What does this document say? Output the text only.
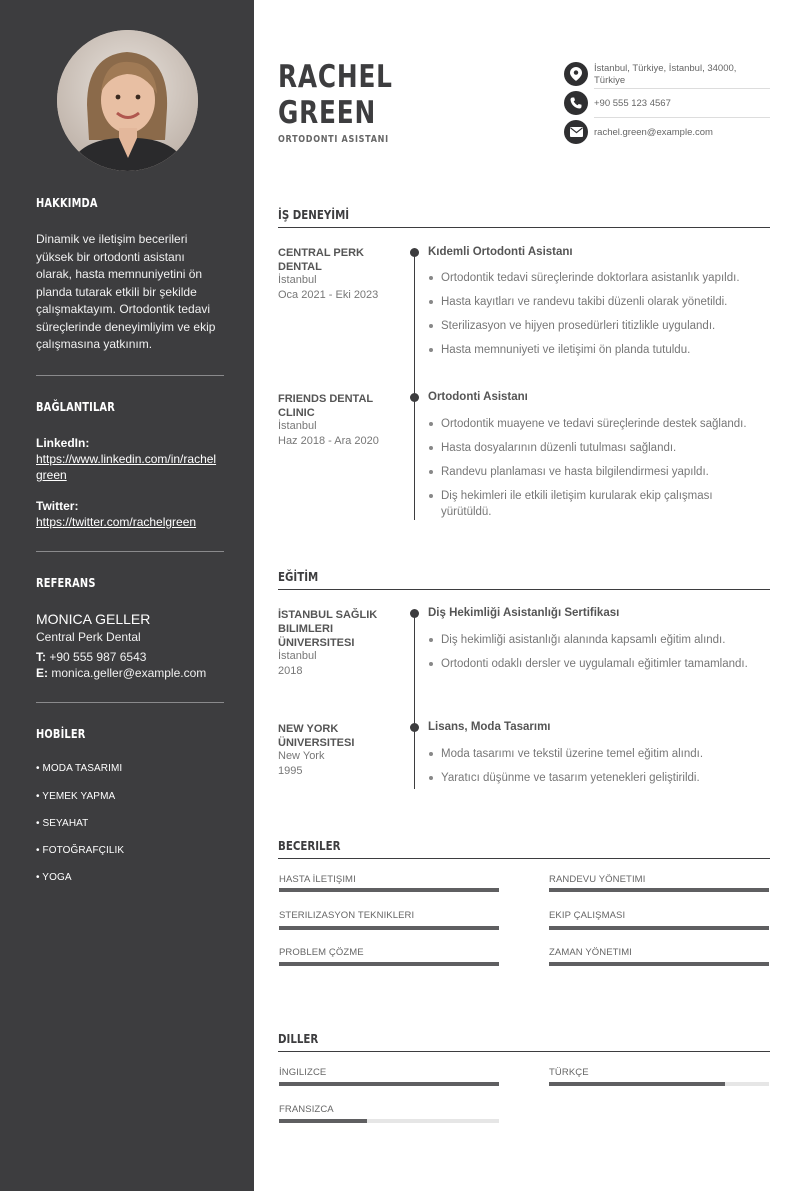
HAKKIMDA
Dinamik ve iletişim becerileri yüksek bir ortodonti asistanı olarak, hasta memnuniyetini ön planda tutarak etkili bir şekilde çalışmaktayım. Ortodontik tedavi süreçlerinde deneyimliyim ve ekip çalışmasına yatkınım.
BAĞLANTILAR
LinkedIn:
https://www.linkedin.com/in/rachelgreen
Twitter:
https://twitter.com/rachelgreen
REFERANS
MONICA GELLER
Central Perk Dental
T: +90 555 987 6543
E: monica.geller@example.com
HOBİLER
• MODA TASARIMI
• YEMEK YAPMA
• SEYAHAT
• FOTOĞRAFÇILIK
• YOGA
RACHEL
GREEN
ORTODONTI ASISTANI
İstanbul, Türkiye, İstanbul, 34000, Türkiye
+90 555 123 4567
rachel.green@example.com
İŞ DENEYİMİ
CENTRAL PERK DENTAL
İstanbul
Oca 2021 - Eki 2023
Kıdemli Ortodonti Asistanı
Ortodontik tedavi süreçlerinde doktorlara asistanlık yapıldı.
Hasta kayıtları ve randevu takibi düzenli olarak yönetildi.
Sterilizasyon ve hijyen prosedürleri titizlikle uygulandı.
Hasta memnuniyeti ve iletişimi ön planda tutuldu.
FRIENDS DENTAL CLINIC
İstanbul
Haz 2018 - Ara 2020
Ortodonti Asistanı
Ortodontik muayene ve tedavi süreçlerinde destek sağlandı.
Hasta dosyalarının düzenli tutulması sağlandı.
Randevu planlaması ve hasta bilgilendirmesi yapıldı.
Diş hekimleri ile etkili iletişim kurularak ekip çalışması yürütüldü.
EĞİTİM
İSTANBUL SAĞLIK BILIMLERI ÜNIVERSITESI
İstanbul
2018
Diş Hekimliği Asistanlığı Sertifikası
Diş hekimliği asistanlığı alanında kapsamlı eğitim alındı.
Ortodonti odaklı dersler ve uygulamalı eğitimler tamamlandı.
NEW YORK ÜNIVERSITESI
New York
1995
Lisans, Moda Tasarımı
Moda tasarımı ve tekstil üzerine temel eğitim alındı.
Yaratıcı düşünme ve tasarım yetenekleri geliştirildi.
BECERILER
HASTA İLETIŞIMI	RANDEVU YÖNETIMI
STERILIZASYON TEKNIKLERI	EKIP ÇALIŞMASI
PROBLEM ÇÖZME	ZAMAN YÖNETIMI
DILLER
İNGILIZCE	TÜRKÇE
FRANSIZCA
